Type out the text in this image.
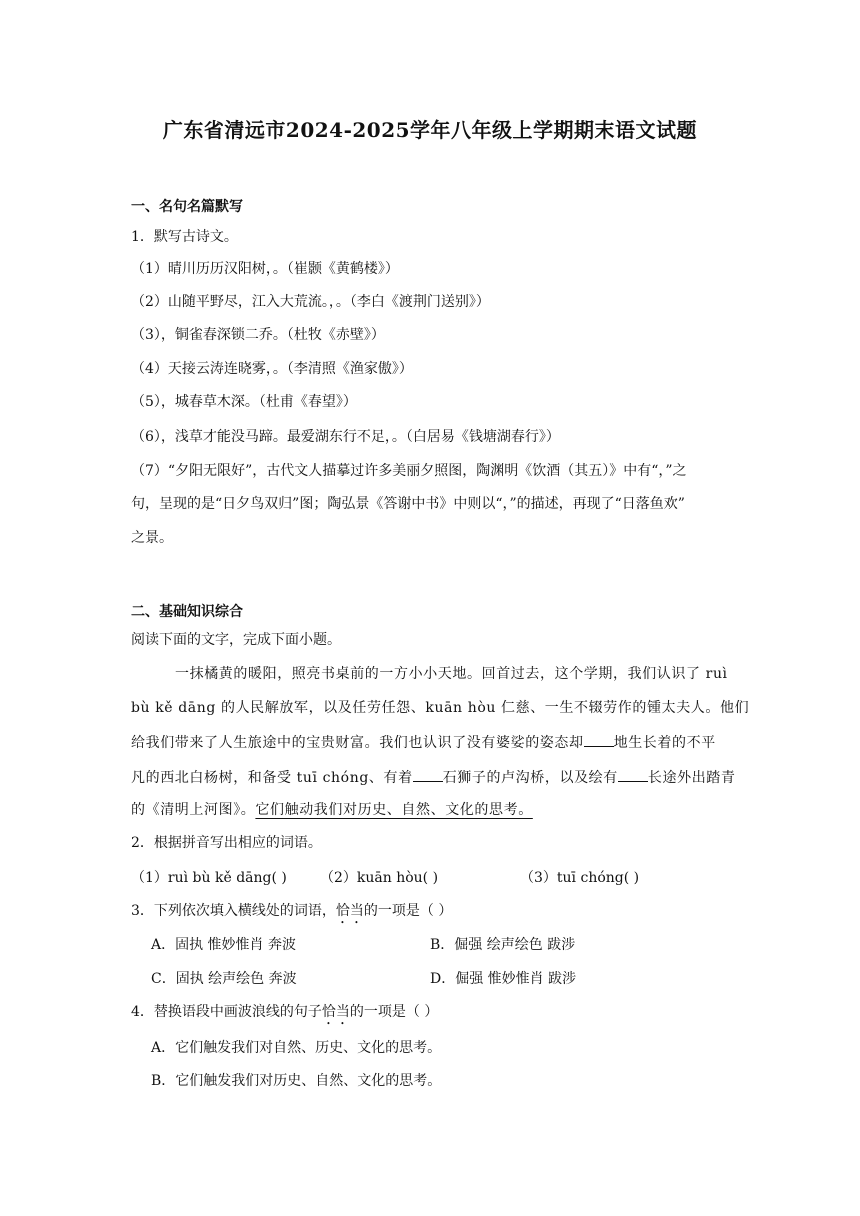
广东省清远市2024-2025学年八年级上学期期末语文试题
一、名句名篇默写
1．默写古诗文。
（1）晴川历历汉阳树，。（崔颢《黄鹤楼》）
（2）山随平野尽，江入大荒流。，。（李白《渡荆门送别》）
（3），铜雀春深锁二乔。（杜牧《赤壁》）
（4）天接云涛连晓雾，。（李清照《渔家傲》）
（5），城春草木深。（杜甫《春望》）
（6），浅草才能没马蹄。最爱湖东行不足，。（白居易《钱塘湖春行》）
（7）“夕阳无限好”，古代文人描摹过许多美丽夕照图，陶渊明《饮酒（其五）》中有“，”之
句，呈现的是“日夕鸟双归”图；陶弘景《答谢中书》中则以“，”的描述，再现了“日落鱼欢”
之景。
二、基础知识综合
阅读下面的文字，完成下面小题。
一抹橘黄的暖阳，照亮书桌前的一方小小天地。回首过去，这个学期，我们认识了 ruì
bù kě dāng 的人民解放军，以及任劳任怨、kuān hòu 仁慈、一生不辍劳作的锺太夫人。他们
给我们带来了人生旅途中的宝贵财富。我们也认识了没有婆娑的姿态却 地生长着的不平
凡的西北白杨树，和备受 tuī chóng、有着 石狮子的卢沟桥，以及绘有 长途外出踏青
的《清明上河图》。它们触动我们对历史、自然、文化的思考。
2．根据拼音写出相应的词语。
（1）ruì bù kě dāng( ) （2）kuān hòu( )	（3）tuī chóng( )
3．下列依次填入横线处的词语，恰当的一项是（ ）
A．固执 惟妙惟肖 奔波	B．倔强 绘声绘色 跋涉
C．固执 绘声绘色 奔波	D．倔强 惟妙惟肖 跋涉
4．替换语段中画波浪线的句子恰当的一项是（ ）
A．它们触发我们对自然、历史、文化的思考。
B．它们触发我们对历史、自然、文化的思考。
